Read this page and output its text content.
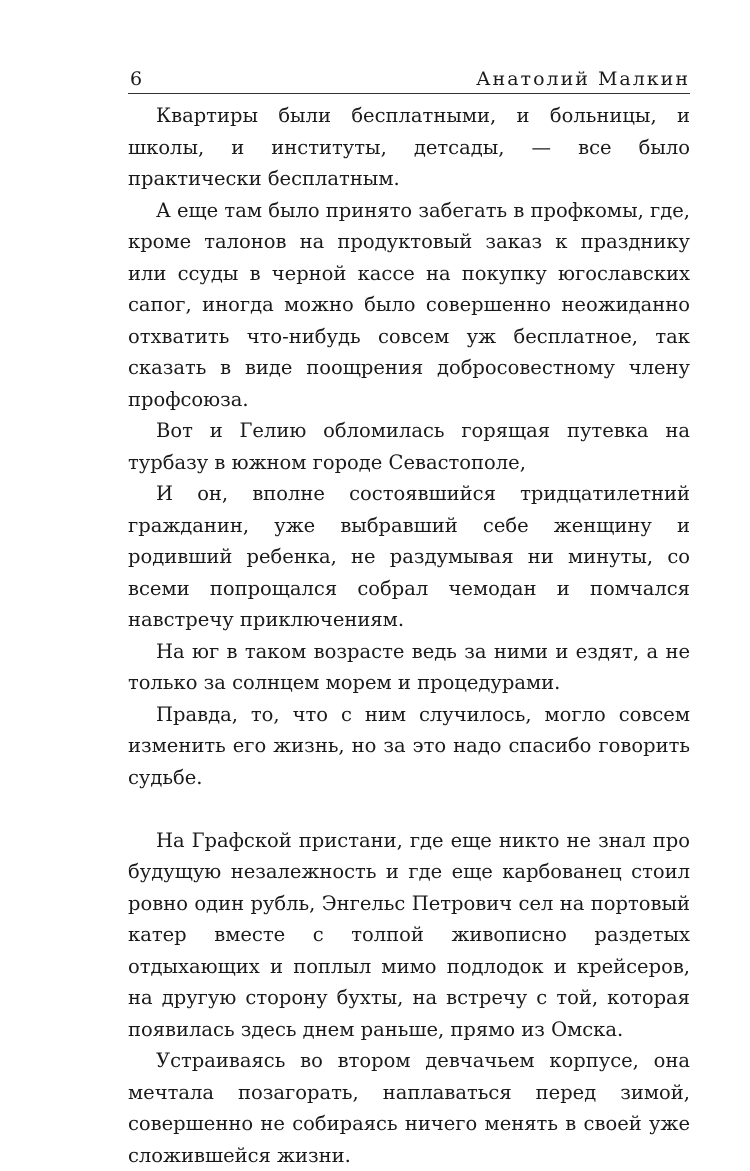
6	Анатолий Малкин

Квартиры были бесплатными, и больницы, и школы, и институты, детсады, — все было практически бесплатным.

А еще там было принято забегать в профкомы, где, кроме талонов на продуктовый заказ к празднику или ссуды в черной кассе на покупку югославских сапог, иногда можно было совершенно неожиданно отхватить что-нибудь совсем уж бесплатное, так сказать в виде поощрения добросовестному члену профсоюза.

Вот и Гелию обломилась горящая путевка на турбазу в южном городе Севастополе,

И он, вполне состоявшийся тридцатилетний гражданин, уже выбравший себе женщину и родивший ребенка, не раздумывая ни минуты, со всеми попрощался собрал чемодан и помчался навстречу приключениям.

На юг в таком возрасте ведь за ними и ездят, а не только за солнцем морем и процедурами.

Правда, то, что с ним случилось, могло совсем изменить его жизнь, но за это надо спасибо говорить судьбе.

На Графской пристани, где еще никто не знал про будущую незалежность и где еще карбованец стоил ровно один рубль, Энгельс Петрович сел на портовый катер вместе с толпой живописно раздетых отдыхающих и поплыл мимо подлодок и крейсеров, на другую сторону бухты, на встречу с той, которая появилась здесь днем раньше, прямо из Омска.

Устраиваясь во втором девчачьем корпусе, она мечтала позагорать, наплаваться перед зимой, совершенно не собираясь ничего менять в своей уже сложившейся жизни.
